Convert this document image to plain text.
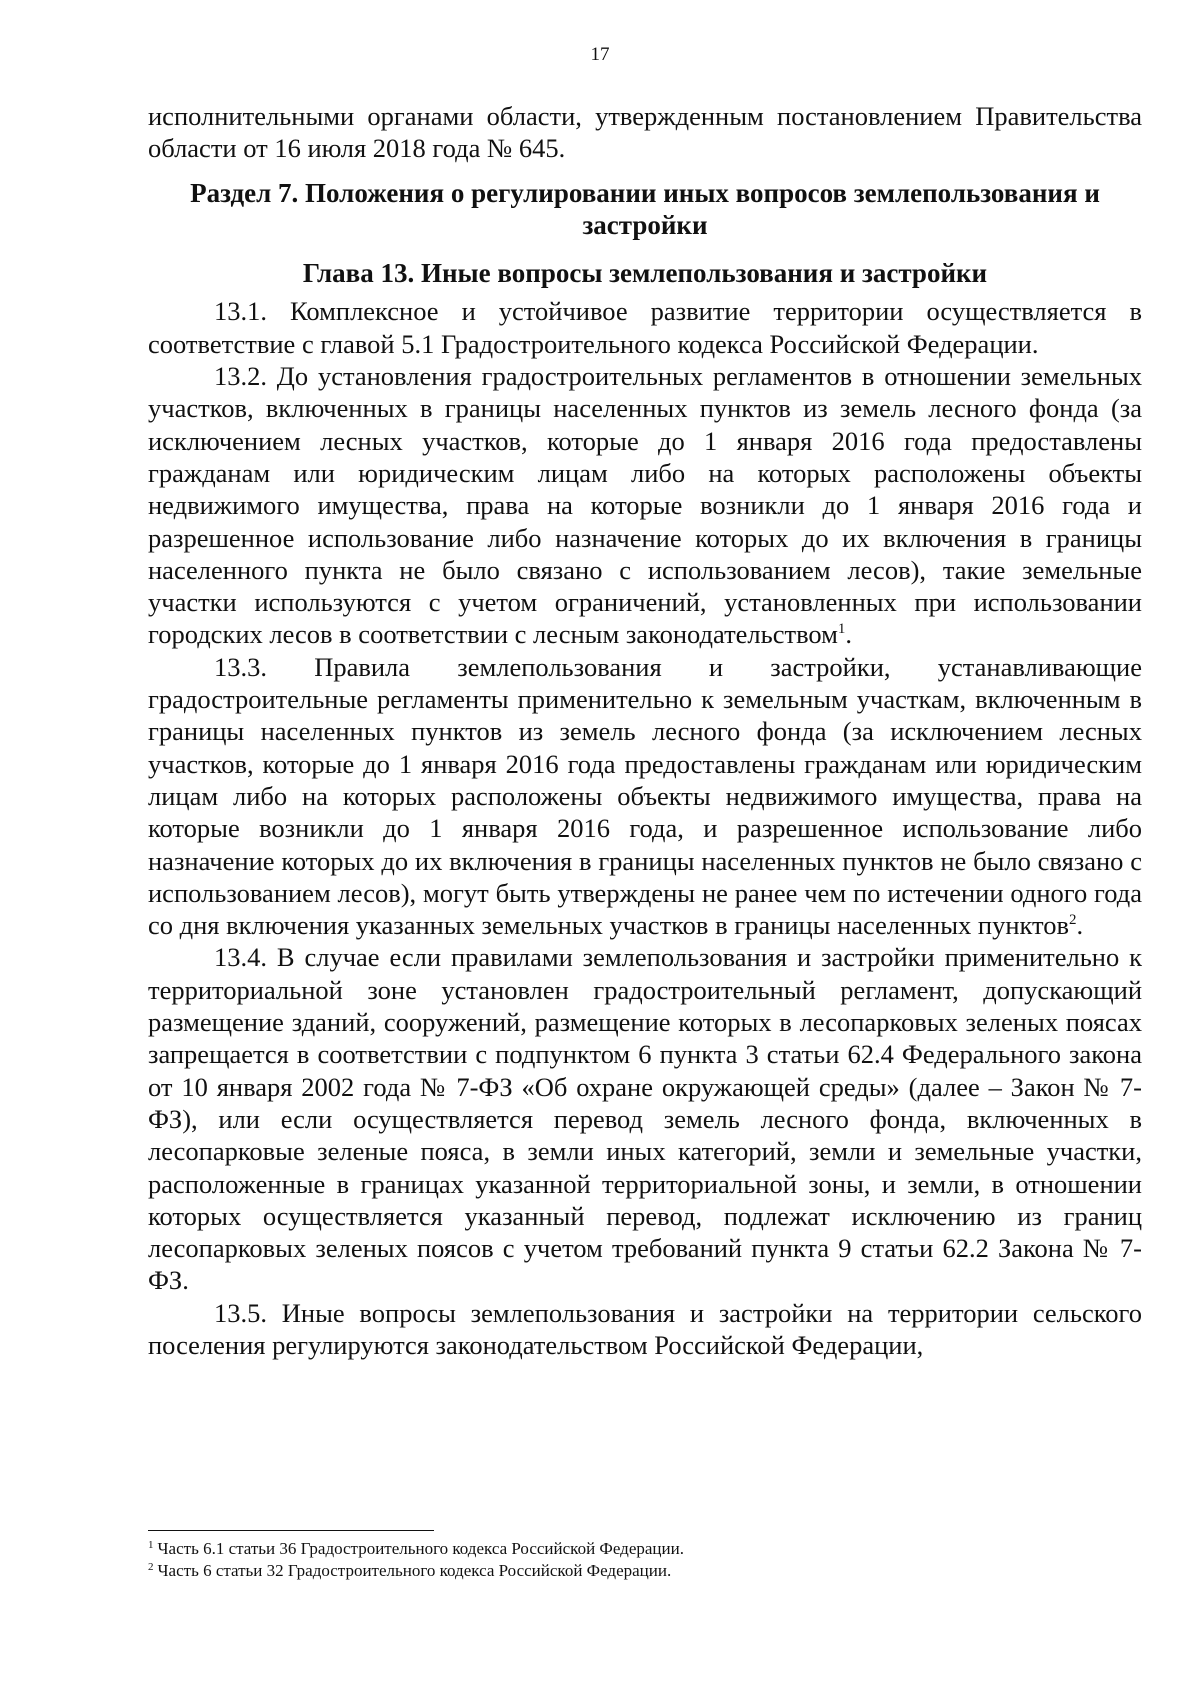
17

исполнительными органами области, утвержденным постановлением Правительства области от 16 июля 2018 года № 645.

Раздел 7. Положения о регулировании иных вопросов землепользования и застройки
Глава 13. Иные вопросы землепользования и застройки

13.1. Комплексное и устойчивое развитие территории осуществляется в соответствие с главой 5.1 Градостроительного кодекса Российской Федерации.

13.2. До установления градостроительных регламентов в отношении земельных участков, включенных в границы населенных пунктов из земель лесного фонда (за исключением лесных участков, которые до 1 января 2016 года предоставлены гражданам или юридическим лицам либо на которых расположены объекты недвижимого имущества, права на которые возникли до 1 января 2016 года и разрешенное использование либо назначение которых до их включения в границы населенного пункта не было связано с использованием лесов), такие земельные участки используются с учетом ограничений, установленных при использовании городских лесов в соответствии с лесным законодательством$^1$.

13.3. Правила землепользования и застройки, устанавливающие градостроительные регламенты применительно к земельным участкам, включенным в границы населенных пунктов из земель лесного фонда (за исключением лесных участков, которые до 1 января 2016 года предоставлены гражданам или юридическим лицам либо на которых расположены объекты недвижимого имущества, права на которые возникли до 1 января 2016 года, и разрешенное использование либо назначение которых до их включения в границы населенных пунктов не было связано с использованием лесов), могут быть утверждены не ранее чем по истечении одного года со дня включения указанных земельных участков в границы населенных пунктов$^2$.

13.4. В случае если правилами землепользования и застройки применительно к территориальной зоне установлен градостроительный регламент, допускающий размещение зданий, сооружений, размещение которых в лесопарковых зеленых поясах запрещается в соответствии с подпунктом 6 пункта 3 статьи 62.4 Федерального закона от 10 января 2002 года № 7-ФЗ «Об охране окружающей среды» (далее – Закон № 7-ФЗ), или если осуществляется перевод земель лесного фонда, включенных в лесопарковые зеленые пояса, в земли иных категорий, земли и земельные участки, расположенные в границах указанной территориальной зоны, и земли, в отношении которых осуществляется указанный перевод, подлежат исключению из границ лесопарковых зеленых поясов с учетом требований пункта 9 статьи 62.2 Закона № 7-ФЗ.

13.5. Иные вопросы землепользования и застройки на территории сельского поселения регулируются законодательством Российской Федерации,

$^1$ Часть 6.1 статьи 36 Градостроительного кодекса Российской Федерации.

$^2$ Часть 6 статьи 32 Градостроительного кодекса Российской Федерации.
